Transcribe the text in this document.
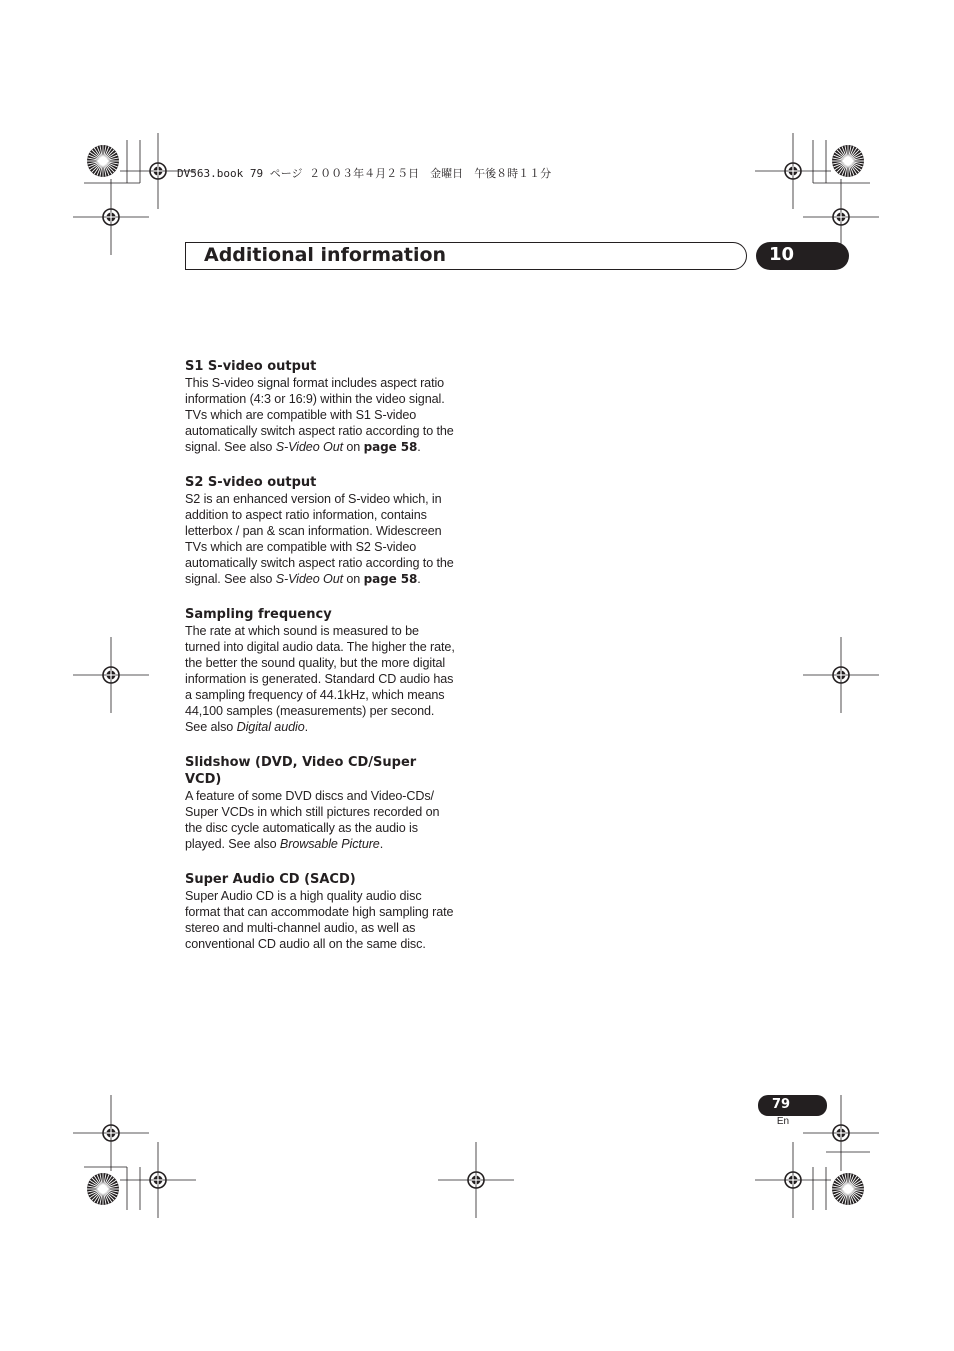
DV563.book 79 ページ ２００３年４月２５日　金曜日　午後８時１１分
Additional information	10

S1 S-video output

This S-video signal format includes aspect ratio information (4:3 or 16:9) within the video signal. TVs which are compatible with S1 S-video automatically switch aspect ratio according to the signal. See also S-Video Out on page 58.

S2 S-video output

S2 is an enhanced version of S-video which, in addition to aspect ratio information, contains letterbox / pan & scan information. Widescreen TVs which are compatible with S2 S-video automatically switch aspect ratio according to the signal. See also S-Video Out on page 58.

Sampling frequency

The rate at which sound is measured to be turned into digital audio data. The higher the rate, the better the sound quality, but the more digital information is generated. Standard CD audio has a sampling frequency of 44.1kHz, which means 44,100 samples (measurements) per second. See also Digital audio.

Slidshow (DVD, Video CD/Super VCD)

A feature of some DVD discs and Video-CDs/ Super VCDs in which still pictures recorded on the disc cycle automatically as the audio is played. See also Browsable Picture.

Super Audio CD (SACD)

Super Audio CD is a high quality audio disc format that can accommodate high sampling rate stereo and multi-channel audio, as well as conventional CD audio all on the same disc.

79
En
